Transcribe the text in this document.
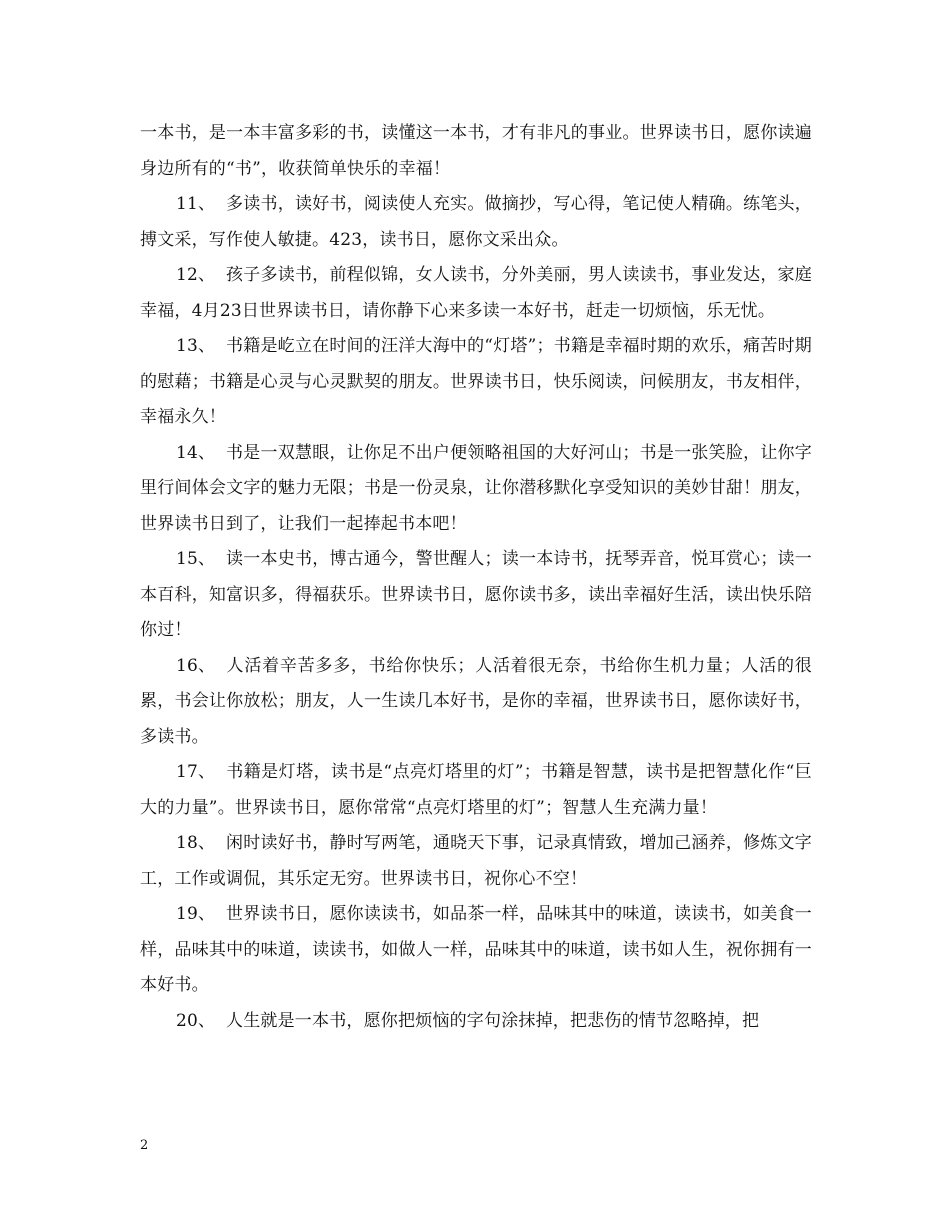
一本书，是一本丰富多彩的书，读懂这一本书，才有非凡的事业。世界读书日，愿你读遍身边所有的“书”，收获简单快乐的幸福！

11、 多读书，读好书，阅读使人充实。做摘抄，写心得，笔记使人精确。练笔头，搏文采，写作使人敏捷。423，读书日，愿你文采出众。

12、 孩子多读书，前程似锦，女人读书，分外美丽，男人读读书，事业发达，家庭幸福，4月23日世界读书日，请你静下心来多读一本好书，赶走一切烦恼，乐无忧。

13、 书籍是屹立在时间的汪洋大海中的“灯塔”；书籍是幸福时期的欢乐，痛苦时期的慰藉；书籍是心灵与心灵默契的朋友。世界读书日，快乐阅读，问候朋友，书友相伴，幸福永久！

14、 书是一双慧眼，让你足不出户便领略祖国的大好河山；书是一张笑脸，让你字里行间体会文字的魅力无限；书是一份灵泉，让你潜移默化享受知识的美妙甘甜！朋友，世界读书日到了，让我们一起捧起书本吧！

15、 读一本史书，博古通今，警世醒人；读一本诗书，抚琴弄音，悦耳赏心；读一本百科，知富识多，得福获乐。世界读书日，愿你读书多，读出幸福好生活，读出快乐陪你过！

16、 人活着辛苦多多，书给你快乐；人活着很无奈，书给你生机力量；人活的很累，书会让你放松；朋友，人一生读几本好书，是你的幸福，世界读书日，愿你读好书，多读书。

17、 书籍是灯塔，读书是“点亮灯塔里的灯”；书籍是智慧，读书是把智慧化作“巨大的力量”。世界读书日，愿你常常“点亮灯塔里的灯”；智慧人生充满力量！

18、 闲时读好书，静时写两笔，通晓天下事，记录真情致，增加己涵养，修炼文字工，工作或调侃，其乐定无穷。世界读书日，祝你心不空！

19、 世界读书日，愿你读读书，如品茶一样，品味其中的味道，读读书，如美食一样，品味其中的味道，读读书，如做人一样，品味其中的味道，读书如人生，祝你拥有一本好书。

20、 人生就是一本书，愿你把烦恼的字句涂抹掉，把悲伤的情节忽略掉，把

2
